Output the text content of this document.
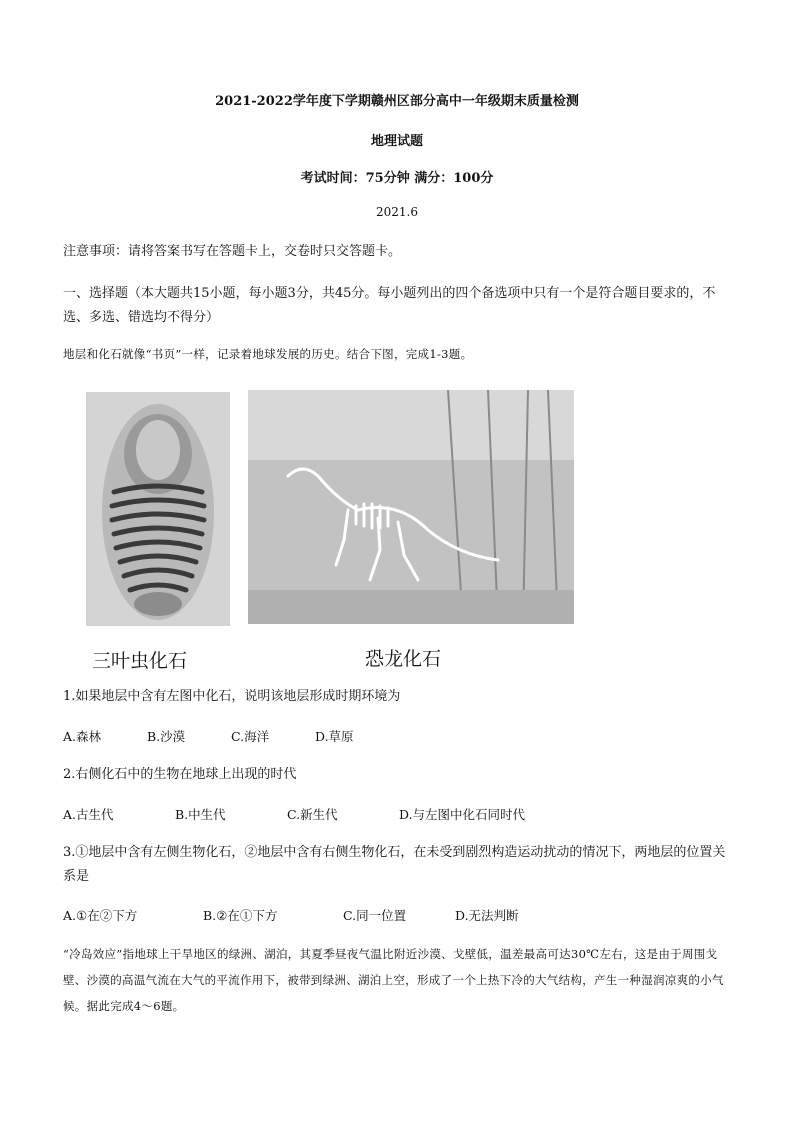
2021-2022学年度下学期赣州区部分高中一年级期末质量检测
地理试题
考试时间：75分钟 满分：100分
2021.6
注意事项：请将答案书写在答题卡上，交卷时只交答题卡。
一、选择题（本大题共15小题，每小题3分，共45分。每小题列出的四个备选项中只有一个是符合题目要求的，不选、多选、错选均不得分）
地层和化石就像“书页”一样，记录着地球发展的历史。结合下图，完成1-3题。
三叶虫化石	恐龙化石
1.如果地层中含有左图中化石，说明该地层形成时期环境为
A.森林	B.沙漠	C.海洋	D.草原
2.右侧化石中的生物在地球上出现的时代
A.古生代	B.中生代	C.新生代	D.与左图中化石同时代
3.①地层中含有左侧生物化石，②地层中含有右侧生物化石，在未受到剧烈构造运动扰动的情况下，两地层的位置关系是
A.①在②下方	B.②在①下方	C.同一位置	D.无法判断
“冷岛效应”指地球上干旱地区的绿洲、湖泊，其夏季昼夜气温比附近沙漠、戈壁低，温差最高可达30℃左右，这是由于周围戈壁、沙漠的高温气流在大气的平流作用下，被带到绿洲、湖泊上空，形成了一个上热下冷的大气结构，产生一种湿润凉爽的小气候。据此完成4～6题。
